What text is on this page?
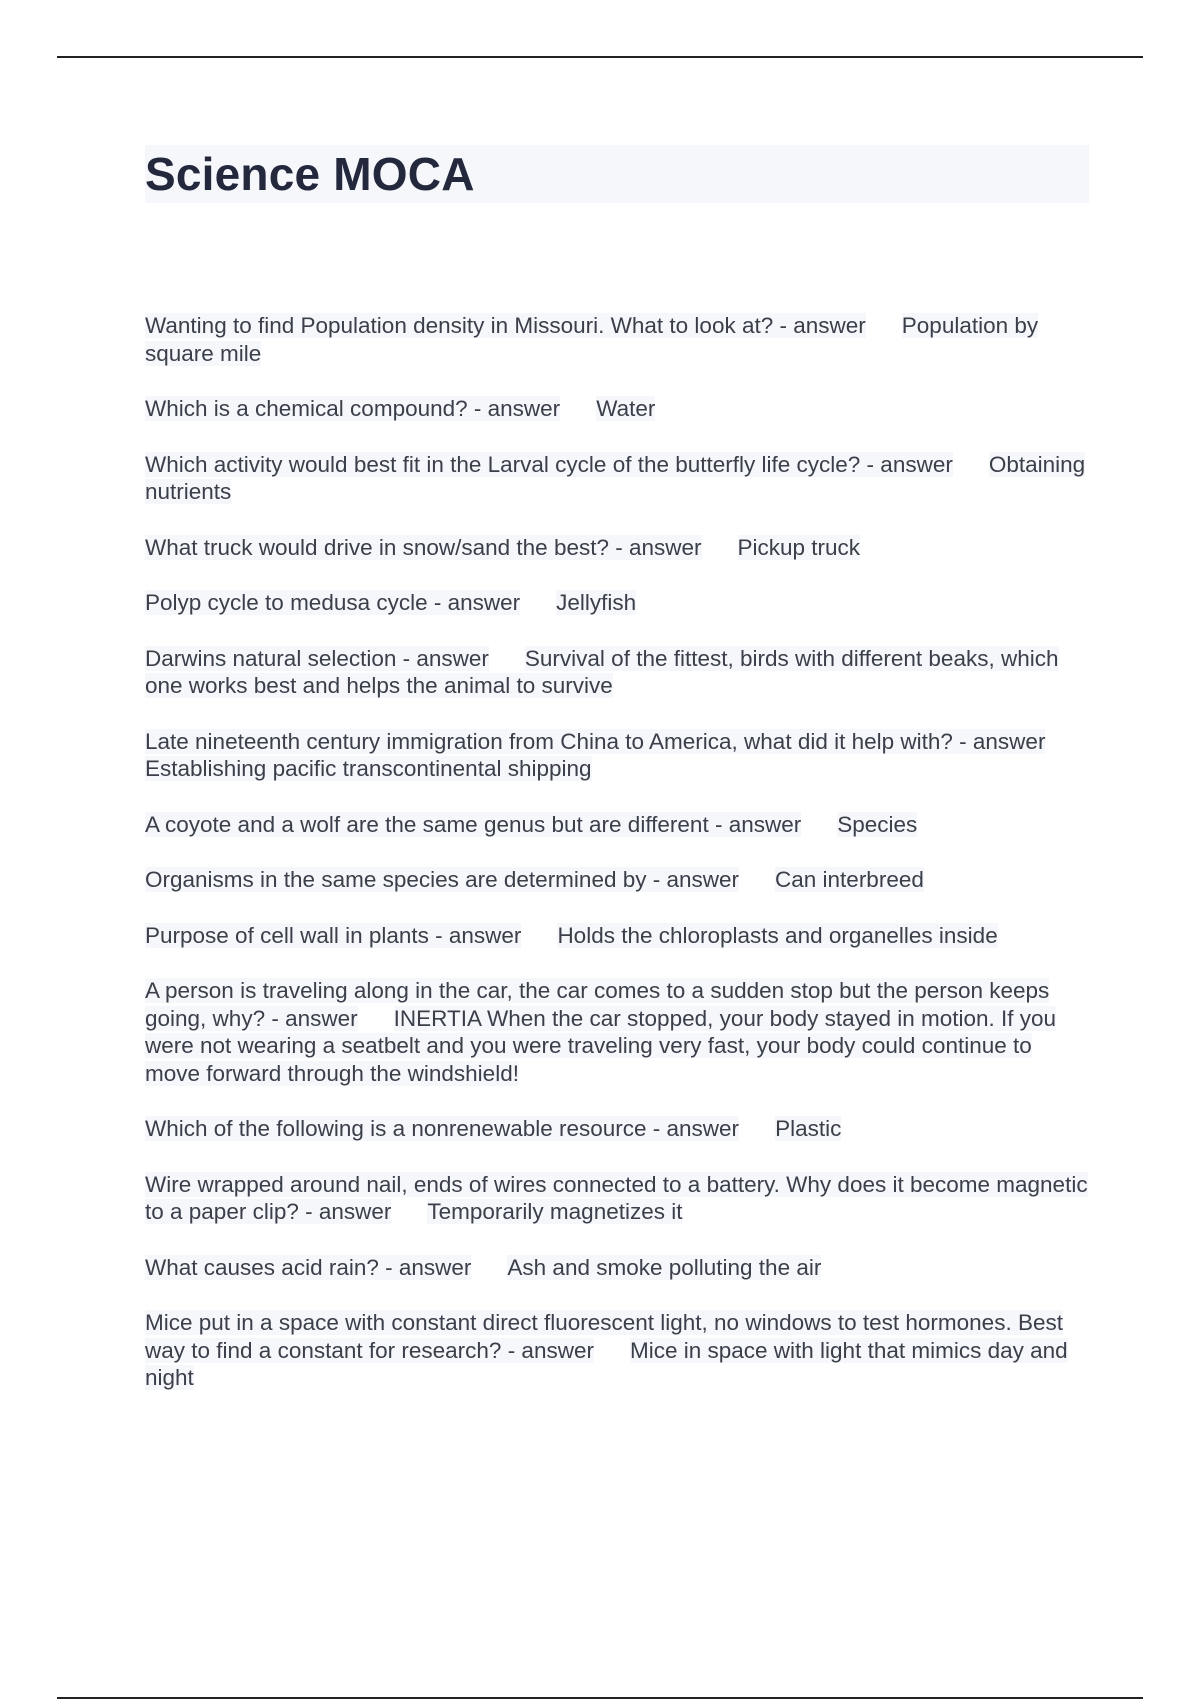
Science MOCA
Wanting to find Population density in Missouri. What to look at? - answer Population by square mile
Which is a chemical compound? - answer Water
Which activity would best fit in the Larval cycle of the butterfly life cycle? - answer Obtaining nutrients
What truck would drive in snow/sand the best? - answer Pickup truck
Polyp cycle to medusa cycle - answer Jellyfish
Darwins natural selection - answer Survival of the fittest, birds with different beaks, which one works best and helps the animal to survive
Late nineteenth century immigration from China to America, what did it help with? - answerEstablishing pacific transcontinental shipping
A coyote and a wolf are the same genus but are different - answer Species
Organisms in the same species are determined by - answer Can interbreed
Purpose of cell wall in plants - answer Holds the chloroplasts and organelles inside
A person is traveling along in the car, the car comes to a sudden stop but the person keeps going, why? - answer INERTIA When the car stopped, your body stayed in motion. If you were not wearing a seatbelt and you were traveling very fast, your body could continue to move forward through the windshield!
Which of the following is a nonrenewable resource - answer Plastic
Wire wrapped around nail, ends of wires connected to a battery. Why does it become magnetic to a paper clip? - answer Temporarily magnetizes it
What causes acid rain? - answer Ash and smoke polluting the air
Mice put in a space with constant direct fluorescent light, no windows to test hormones. Best way to find a constant for research? - answer Mice in space with light that mimics day and night
